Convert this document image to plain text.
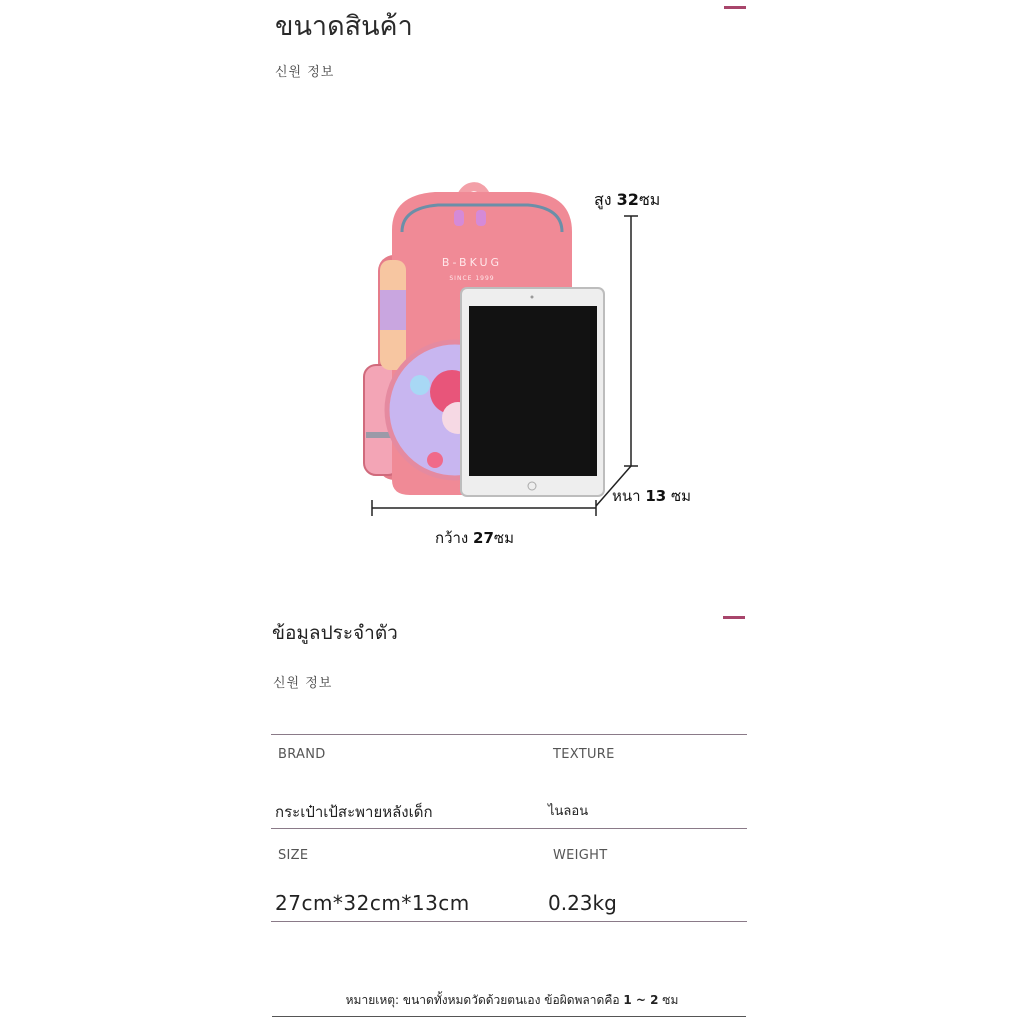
ขนาดสินค้า
신원 정보
B-BKUG
SINCE 1999
สูง 32ซม
หนา 13 ซม
กว้าง 27ซม
ข้อมูลประจำตัว
신원 정보
BRAND	TEXTURE
กระเป๋าเป้สะพายหลังเด็ก	ไนลอน
SIZE	WEIGHT
27cm*32cm*13cm	0.23kg
หมายเหตุ: ขนาดทั้งหมดวัดด้วยตนเอง ข้อผิดพลาดคือ 1 ~ 2 ซม
